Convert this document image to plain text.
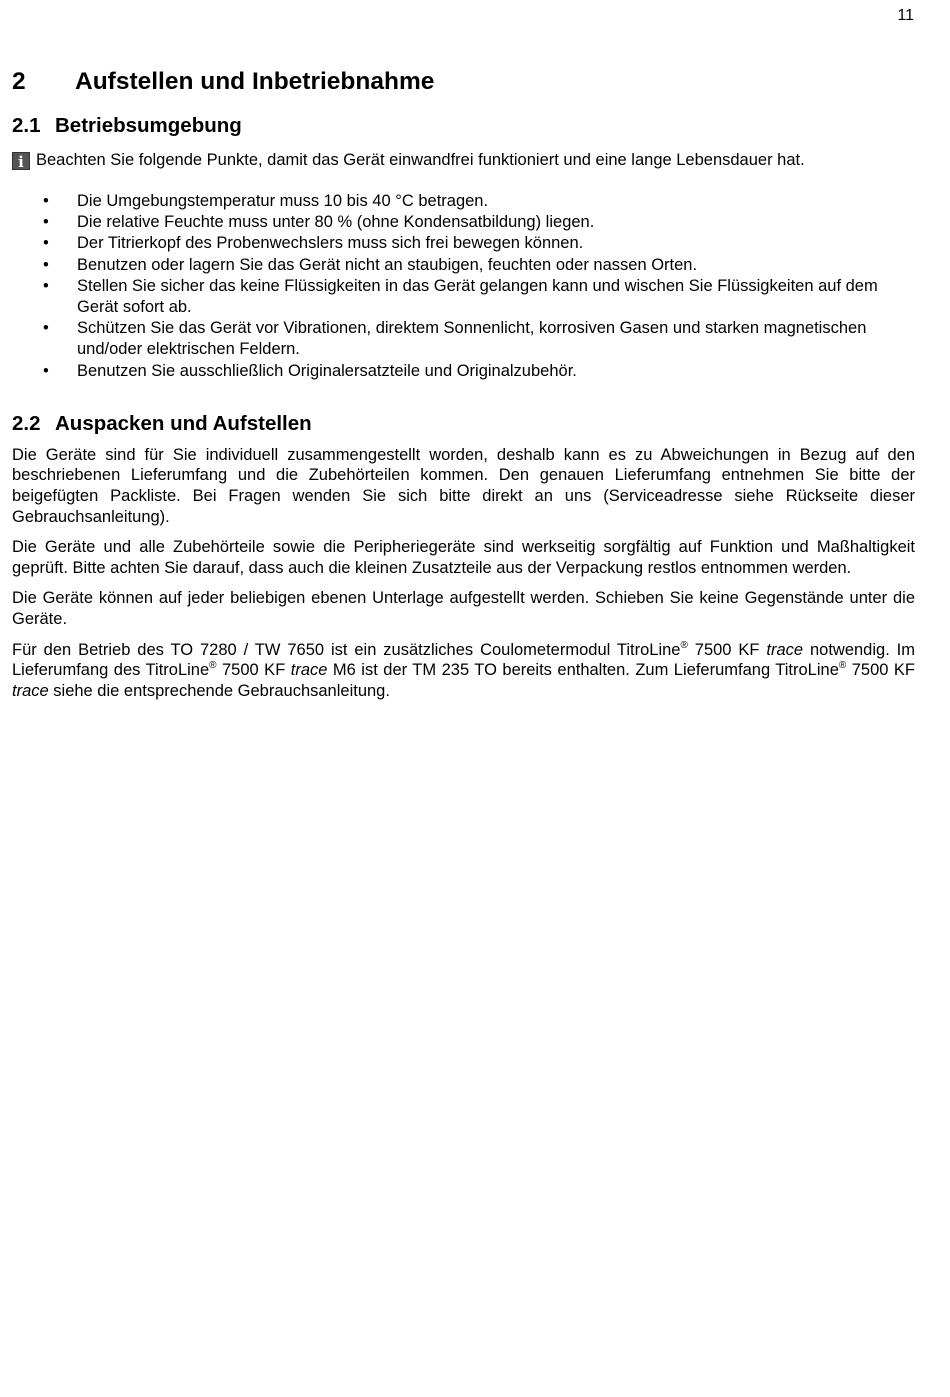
11
2 Aufstellen und Inbetriebnahme
2.1 Betriebsumgebung
i Beachten Sie folgende Punkte, damit das Gerät einwandfrei funktioniert und eine lange Lebensdauer hat.
• Die Umgebungstemperatur muss 10 bis 40 °C betragen.
• Die relative Feuchte muss unter 80 % (ohne Kondensatbildung) liegen.
• Der Titrierkopf des Probenwechslers muss sich frei bewegen können.
• Benutzen oder lagern Sie das Gerät nicht an staubigen, feuchten oder nassen Orten.
• Stellen Sie sicher das keine Flüssigkeiten in das Gerät gelangen kann und wischen Sie Flüssigkeiten auf dem Gerät sofort ab.
• Schützen Sie das Gerät vor Vibrationen, direktem Sonnenlicht, korrosiven Gasen und starken magnetischen und/oder elektrischen Feldern.
• Benutzen Sie ausschließlich Originalersatzteile und Originalzubehör.
2.2 Auspacken und Aufstellen

Die Geräte sind für Sie individuell zusammengestellt worden, deshalb kann es zu Abweichungen in Bezug auf den beschriebenen Lieferumfang und die Zubehörteilen kommen. Den genauen Lieferumfang entnehmen Sie bitte der beigefügten Packliste. Bei Fragen wenden Sie sich bitte direkt an uns (Serviceadresse siehe Rückseite dieser Gebrauchsanleitung).

Die Geräte und alle Zubehörteile sowie die Peripheriegeräte sind werkseitig sorgfältig auf Funktion und Maßhaltigkeit geprüft. Bitte achten Sie darauf, dass auch die kleinen Zusatzteile aus der Verpackung restlos entnommen werden.

Die Geräte können auf jeder beliebigen ebenen Unterlage aufgestellt werden. Schieben Sie keine Gegenstände unter die Geräte.

Für den Betrieb des TO 7280 / TW 7650 ist ein zusätzliches Coulometermodul TitroLine® 7500 KF trace notwendig. Im Lieferumfang des TitroLine® 7500 KF trace M6 ist der TM 235 TO bereits enthalten. Zum Lieferumfang TitroLine® 7500 KF trace siehe die entsprechende Gebrauchsanleitung.
